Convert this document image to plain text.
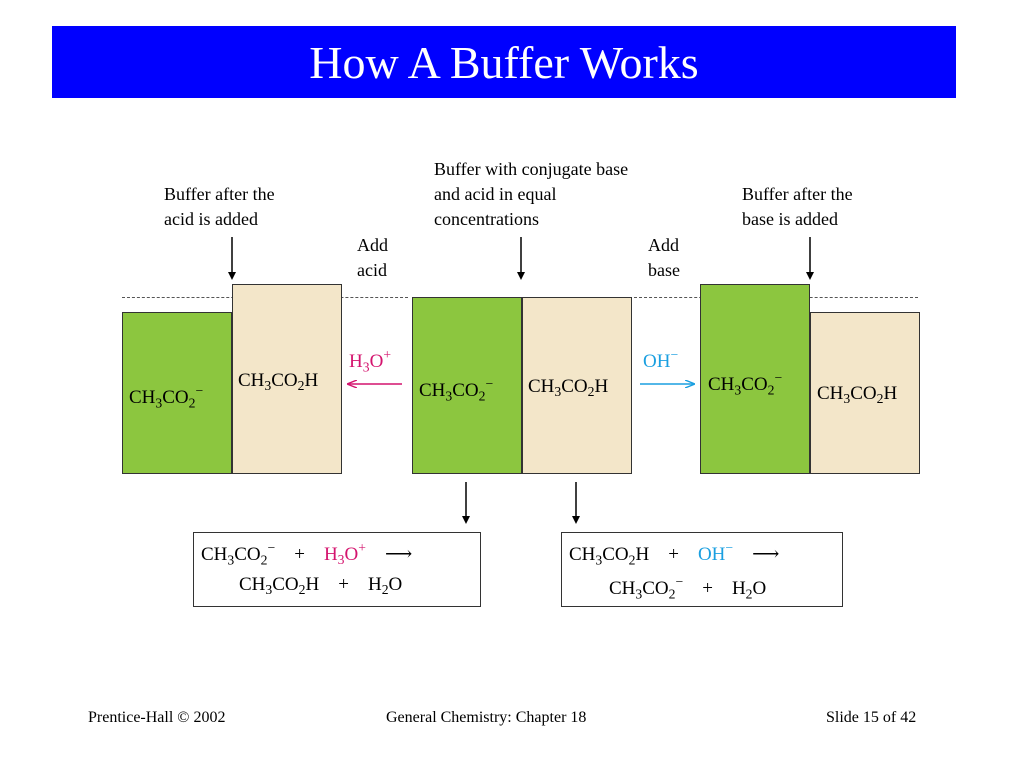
How A Buffer Works
Buffer after the acid is added
Buffer with conjugate base and acid in equal concentrations
Buffer after the base is added
Add acid
Add base
$CH_3CO_2^-$ $CH_3CO_2H$	$CH_3CO_2^-$ $CH_3CO_2H$	$CH_3CO_2^-$
$CH_3CO_2H$
$H_3O^+$	OH−
$CH_3CO_2^- + H_3O^+$ ⟶
$CH_3CO_2H + H_2O$
$CH_3CO_2H + OH^-$ ⟶
$CH_3CO_2^- + H_2O$
Prentice-Hall © 2002	General Chemistry: Chapter 18	Slide 15 of 42
